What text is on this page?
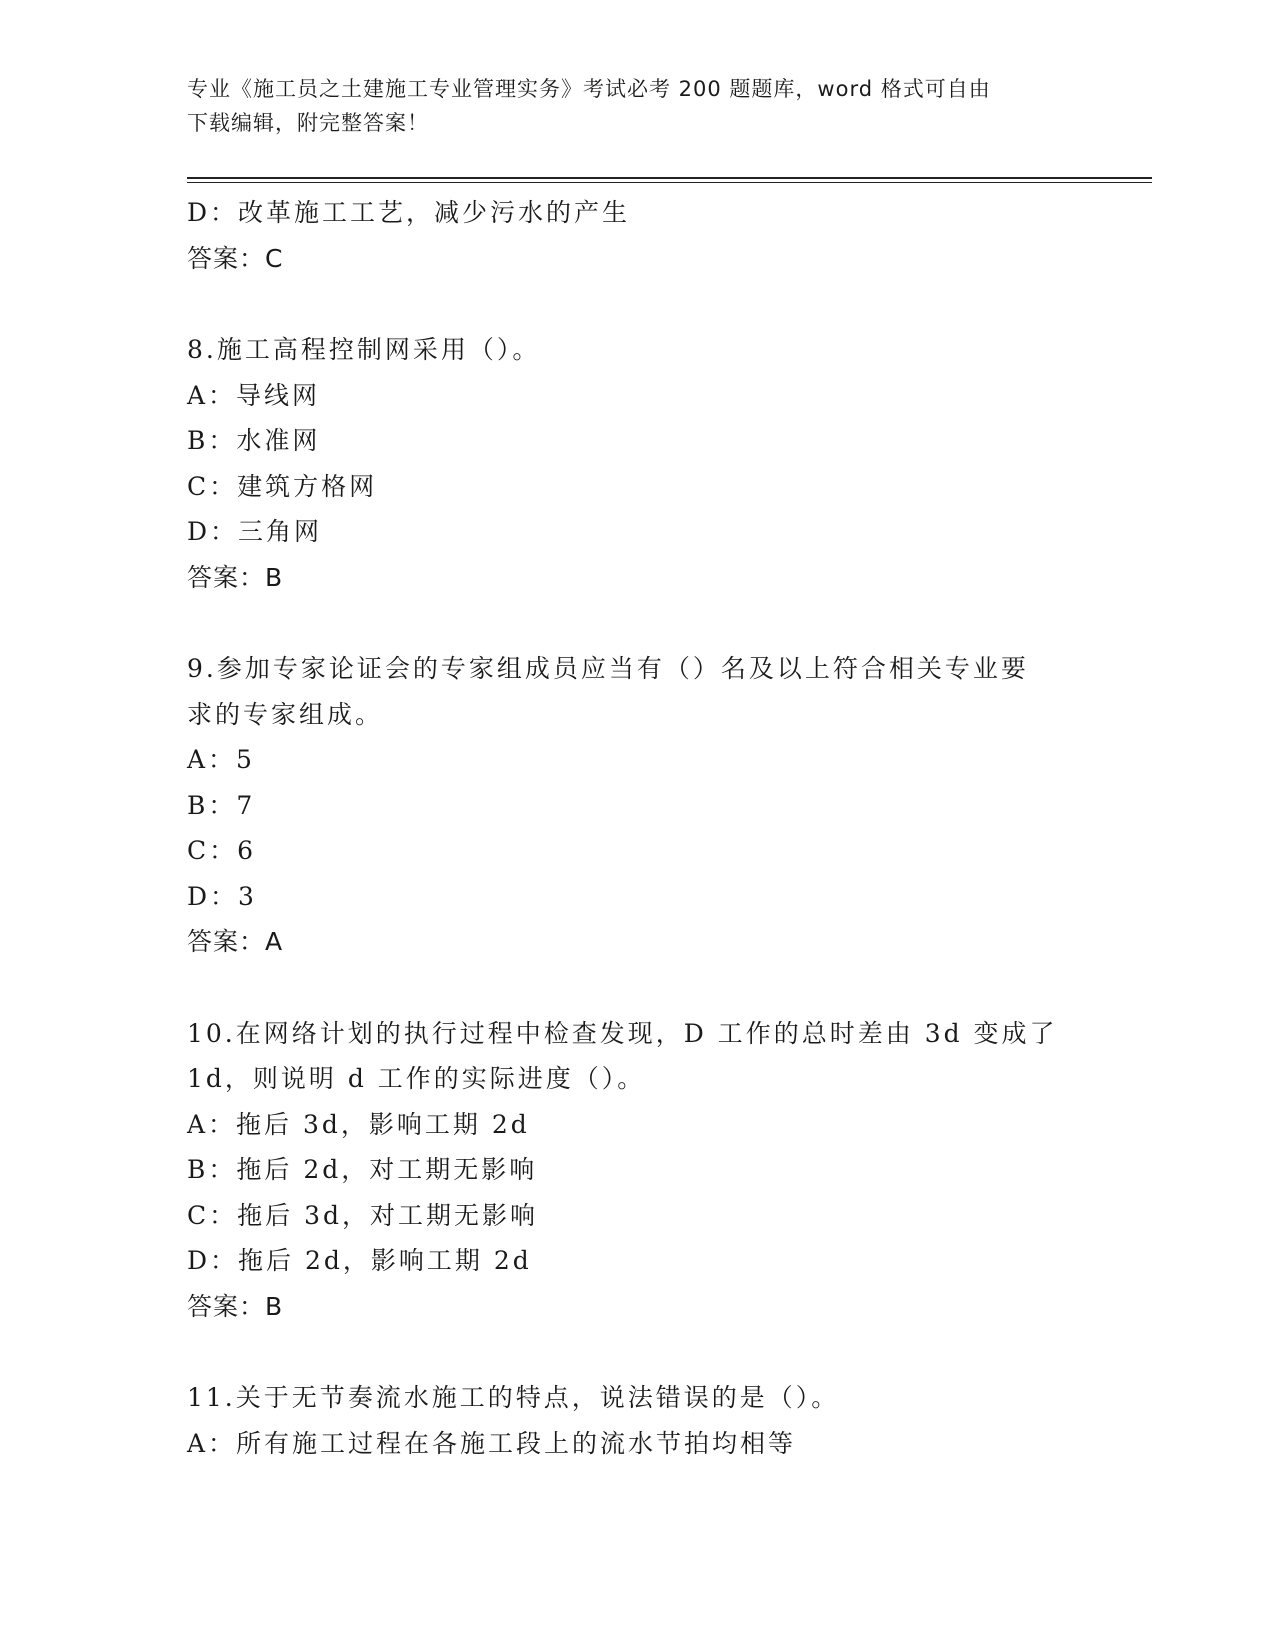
专业《施工员之土建施工专业管理实务》考试必考 200 题题库，word 格式可自由
下载编辑，附完整答案！
D：改革施工工艺，减少污水的产生
答案：C
8.施工高程控制网采用（）。
A：导线网
B：水准网
C：建筑方格网
D：三角网
答案：B
9.参加专家论证会的专家组成员应当有（）名及以上符合相关专业要
求的专家组成。
A：5
B：7
C：6
D：3
答案：A
10.在网络计划的执行过程中检查发现，D 工作的总时差由 3d 变成了
1d，则说明 d 工作的实际进度（）。
A：拖后 3d，影响工期 2d
B：拖后 2d，对工期无影响
C：拖后 3d，对工期无影响
D：拖后 2d，影响工期 2d
答案：B
11.关于无节奏流水施工的特点，说法错误的是（）。
A：所有施工过程在各施工段上的流水节拍均相等
